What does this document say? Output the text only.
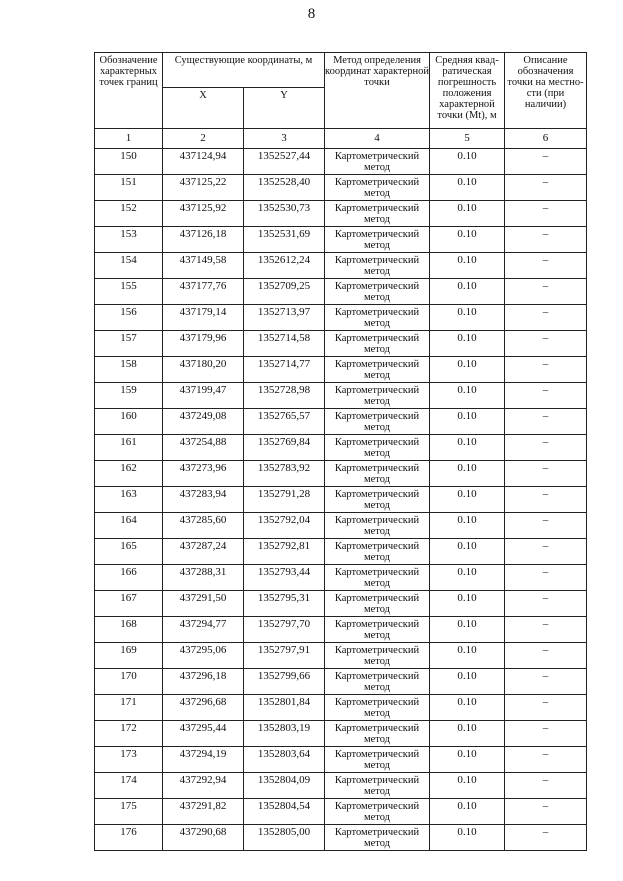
8
Обозначение характерных точек границ	Существующие координаты, м		Метод определения координат характерной точки	Средняя квад-ратическая погрешность положения характерной точки (Mt), м	Описание обозначения точки на местно-сти (при наличии)
	X	Y			
1	2	3	4	5	6
150	437124,94	1352527,44	Картометрический метод	0.10	–
151	437125,22	1352528,40	Картометрический метод	0.10	–
152	437125,92	1352530,73	Картометрический метод	0.10	–
153	437126,18	1352531,69	Картометрический метод	0.10	–
154	437149,58	1352612,24	Картометрический метод	0.10	–
155	437177,76	1352709,25	Картометрический метод	0.10	–
156	437179,14	1352713,97	Картометрический метод	0.10	–
157	437179,96	1352714,58	Картометрический метод	0.10	–
158	437180,20	1352714,77	Картометрический метод	0.10	–
159	437199,47	1352728,98	Картометрический метод	0.10	–
160	437249,08	1352765,57	Картометрический метод	0.10	–
161	437254,88	1352769,84	Картометрический метод	0.10	–
162	437273,96	1352783,92	Картометрический метод	0.10	–
163	437283,94	1352791,28	Картометрический метод	0.10	–
164	437285,60	1352792,04	Картометрический метод	0.10	–
165	437287,24	1352792,81	Картометрический метод	0.10	–
166	437288,31	1352793,44	Картометрический метод	0.10	–
167	437291,50	1352795,31	Картометрический метод	0.10	–
168	437294,77	1352797,70	Картометрический метод	0.10	–
169	437295,06	1352797,91	Картометрический метод	0.10	–
170	437296,18	1352799,66	Картометрический метод	0.10	–
171	437296,68	1352801,84	Картометрический метод	0.10	–
172	437295,44	1352803,19	Картометрический метод	0.10	–
173	437294,19	1352803,64	Картометрический метод	0.10	–
174	437292,94	1352804,09	Картометрический метод	0.10	–
175	437291,82	1352804,54	Картометрический метод	0.10	–
176	437290,68	1352805,00	Картометрический метод	0.10	–
